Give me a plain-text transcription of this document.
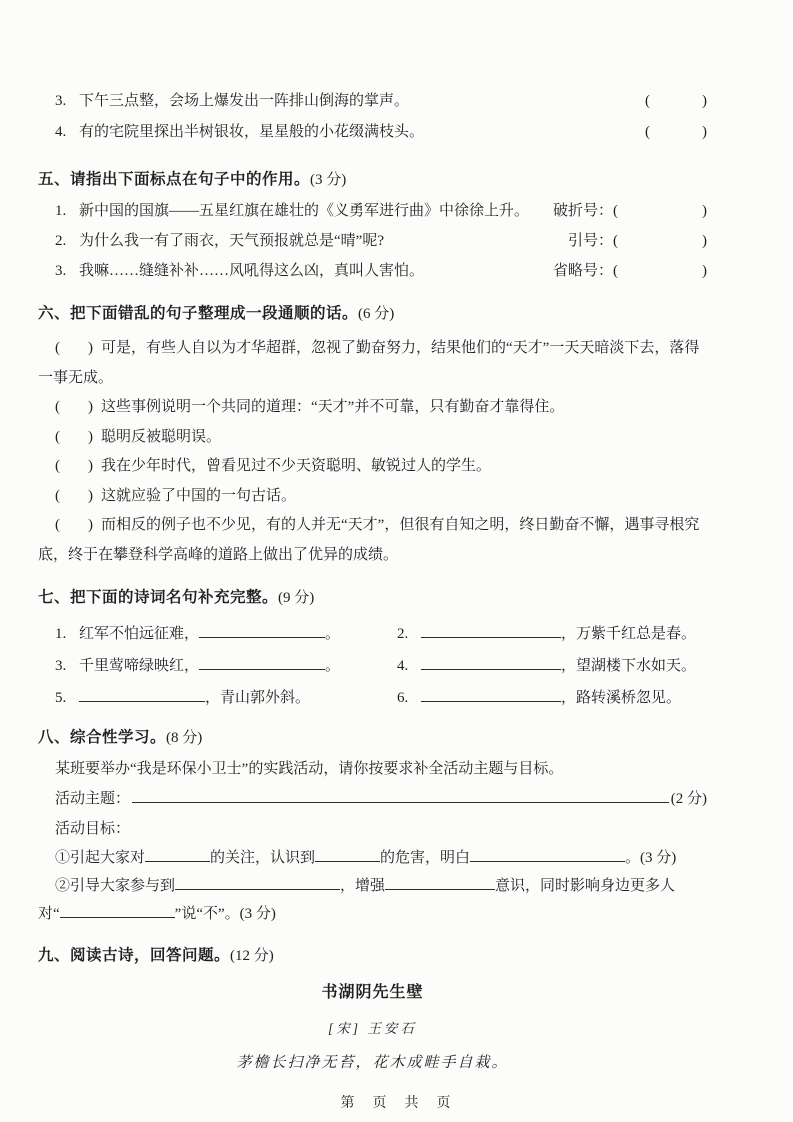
3. 下午三点整，会场上爆发出一阵排山倒海的掌声。	(	)
4. 有的宅院里探出半树银妆，星星般的小花缀满枝头。	(	)
五、请指出下面标点在句子中的作用。(3 分)
1. 新中国的国旗——五星红旗在雄壮的《义勇军进行曲》中徐徐上升。 破折号： (	)
2. 为什么我一有了雨衣，天气预报就总是“晴”呢?	引号： (	)
3. 我嘛……缝缝补补……风吼得这么凶，真叫人害怕。	省略号： (	)
六、把下面错乱的句子整理成一段通顺的话。(6 分)

( ) 可是，有些人自以为才华超群，忽视了勤奋努力，结果他们的“天才”一天天暗淡下去，落得一事无成。

( ) 这些事例说明一个共同的道理：“天才”并不可靠，只有勤奋才靠得住。

( ) 聪明反被聪明误。

( ) 我在少年时代，曾看见过不少天资聪明、敏锐过人的学生。

( ) 这就应验了中国的一句古话。

( ) 而相反的例子也不少见，有的人并无“天才”，但很有自知之明，终日勤奋不懈，遇事寻根究底，终于在攀登科学高峰的道路上做出了优异的成绩。

七、把下面的诗词名句补充完整。(9 分)
1. 红军不怕远征难，	。	2.	，万紫千红总是春。
3. 千里莺啼绿映红，	。	4.	，望湖楼下水如天。
5.	，青山郭外斜。	6.	，路转溪桥忽见。
八、综合性学习。(8 分)
某班要举办“我是环保小卫士”的实践活动，请你按要求补全活动主题与目标。
活动主题：	(2 分)
活动目标：
①引起大家对	的关注，认识到	的危害，明白	。(3 分)
②引导大家参与到	，增强	意识，同时影响身边更多人
对“	”说“不”。(3 分)
九、阅读古诗，回答问题。(12 分)
书湖阴先生壁
[宋] 王安石
茅檐长扫净无苔，花木成畦手自栽。
第　页　共　页
